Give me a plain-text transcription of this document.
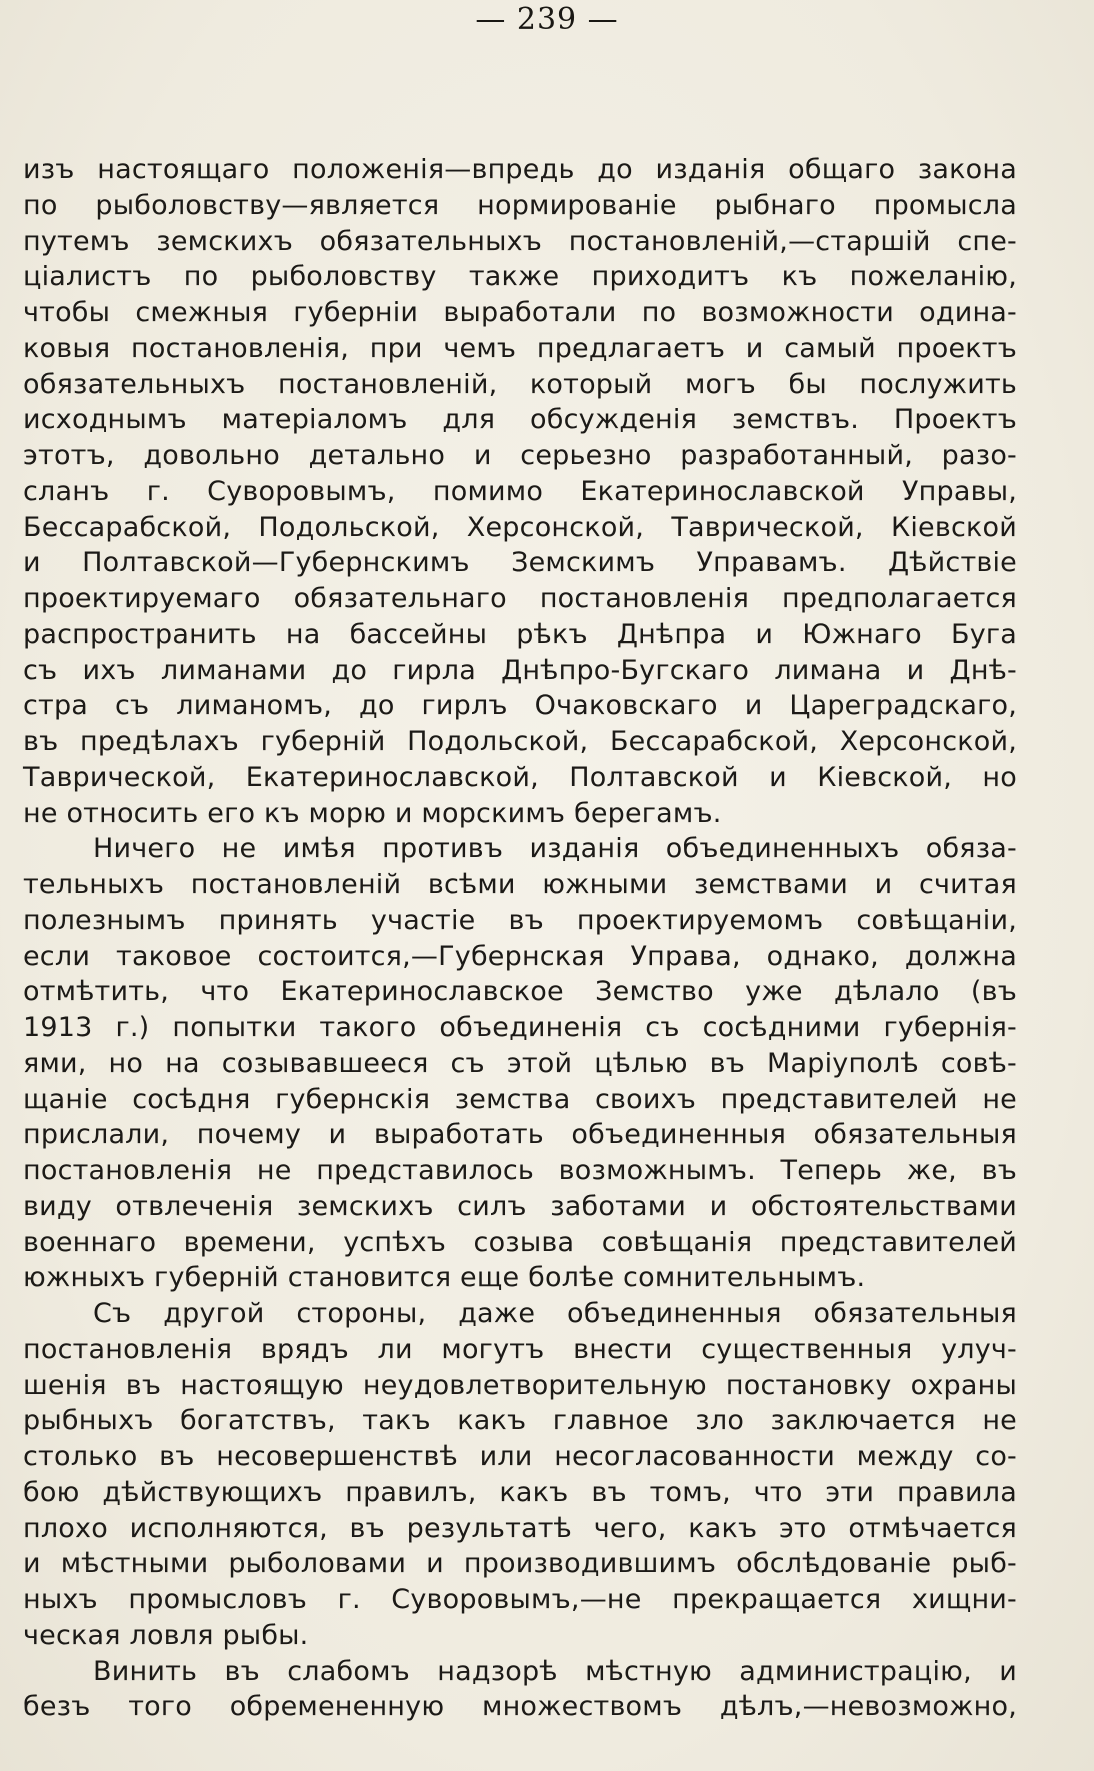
— 239 —
изъ настоящаго положенія—впредь до изданія общаго закона
по рыболовству—является нормированіе рыбнаго промысла
путемъ земскихъ обязательныхъ постановленій,—старшій спе-
ціалистъ по рыболовству также приходитъ къ пожеланію,
чтобы смежныя губерніи выработали по возможности одина-
ковыя постановленія, при чемъ предлагаетъ и самый проектъ
обязательныхъ постановленій, который могъ бы послужить
исходнымъ матеріаломъ для обсужденія земствъ. Проектъ
этотъ, довольно детально и серьезно разработанный, разо-
сланъ г. Суворовымъ, помимо Екатеринославской Управы,
Бессарабской, Подольской, Херсонской, Таврической, Кіевской
и Полтавской—Губернскимъ Земскимъ Управамъ. Дѣйствіе
проектируемаго обязательнаго постановленія предполагается
распространить на бассейны рѣкъ Днѣпра и Южнаго Буга
съ ихъ лиманами до гирла Днѣпро-Бугскаго лимана и Днѣ-
стра съ лиманомъ, до гирлъ Очаковскаго и Цареградскаго,
въ предѣлахъ губерній Подольской, Бессарабской, Херсонской,
Таврической, Екатеринославской, Полтавской и Кіевской, но
не относить его къ морю и морскимъ берегамъ.
Ничего не имѣя противъ изданія объединенныхъ обяза-
тельныхъ постановленій всѣми южными земствами и считая
полезнымъ принять участіе въ проектируемомъ совѣщаніи,
если таковое состоится,—Губернская Управа, однако, должна
отмѣтить, что Екатеринославское Земство уже дѣлало (въ
1913 г.) попытки такого объединенія съ сосѣдними губернія-
ями, но на созывавшееся съ этой цѣлью въ Маріуполѣ совѣ-
щаніе сосѣдня губернскія земства своихъ представителей не
прислали, почему и выработать объединенныя обязательныя
постановленія не представилось возможнымъ. Теперь же, въ
виду отвлеченія земскихъ силъ заботами и обстоятельствами
военнаго времени, успѣхъ созыва совѣщанія представителей
южныхъ губерній становится еще болѣе сомнительнымъ.
Съ другой стороны, даже объединенныя обязательныя
постановленія врядъ ли могутъ внести существенныя улуч-
шенія въ настоящую неудовлетворительную постановку охраны
рыбныхъ богатствъ, такъ какъ главное зло заключается не
столько въ несовершенствѣ или несогласованности между со-
бою дѣйствующихъ правилъ, какъ въ томъ, что эти правила
плохо исполняются, въ результатѣ чего, какъ это отмѣчается
и мѣстными рыболовами и производившимъ обслѣдованіе рыб-
ныхъ промысловъ г. Суворовымъ,—не прекращается хищни-
ческая ловля рыбы.
Винить въ слабомъ надзорѣ мѣстную администрацію, и
безъ того обремененную множествомъ дѣлъ,—невозможно,
